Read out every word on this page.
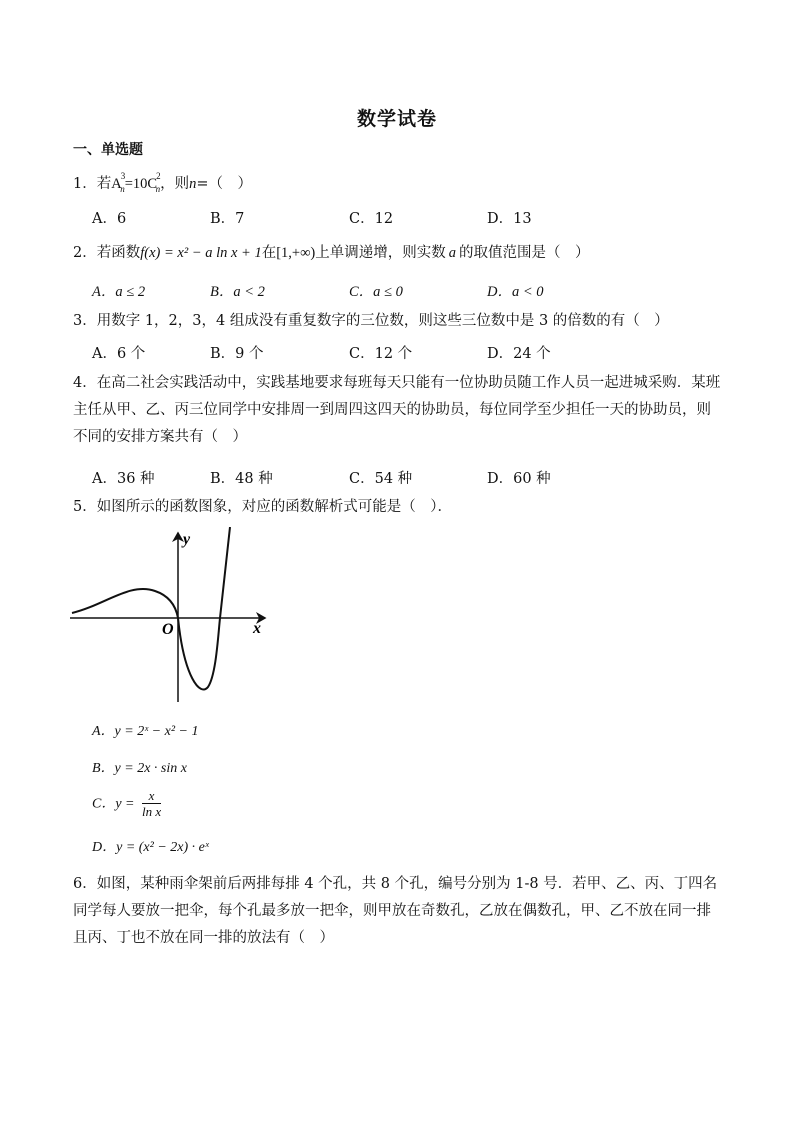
数学试卷
一、单选题
1．若$A^3_n=10C^2_n$，则n=（　）
A．6	B．7	C．12	D．13
2．若函数f(x) = x² − a ln x + 1在[1,+∞)上单调递增，则实数 a 的取值范围是（　）
A．a ≤ 2	B．a < 2	C．a ≤ 0	D．a < 0
3．用数字 1，2，3，4 组成没有重复数字的三位数，则这些三位数中是 3 的倍数的有（　）
A．6 个	B．9 个	C．12 个	D．24 个
4．在高二社会实践活动中，实践基地要求每班每天只能有一位协助员随工作人员一起进城采购．某班主任从甲、乙、丙三位同学中安排周一到周四这四天的协助员，每位同学至少担任一天的协助员，则不同的安排方案共有（　）
A．36 种	B．48 种	C．54 种	D．60 种
5．如图所示的函数图象，对应的函数解析式可能是（　）．
y
x
O
A．y = 2ˣ − x² − 1
B．y = 2x · sin x
C．$y = \frac{x}{\text{ln x}}$
D．y = (x² − 2x) · eˣ
6．如图，某种雨伞架前后两排每排 4 个孔，共 8 个孔，编号分别为 1-8 号．若甲、乙、丙、丁四名同学每人要放一把伞，每个孔最多放一把伞，则甲放在奇数孔，乙放在偶数孔，甲、乙不放在同一排且丙、丁也不放在同一排的放法有（　）
